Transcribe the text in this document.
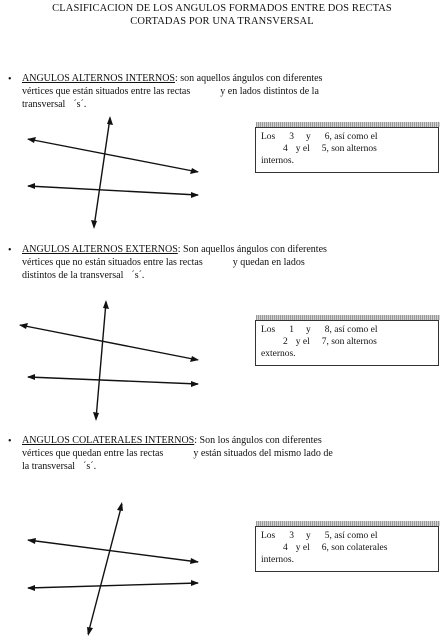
CLASIFICACION DE LOS ANGULOS FORMADOS ENTRE DOS RECTAS
CORTADAS POR UNA TRANSVERSAL
• ANGULOS ALTERNOS INTERNOS: son aquellos ángulos con diferentes
vértices que están situados entre las rectas	y en lados distintos de la
transversal ´s´.
Los 3 y 6, así como el
4 y el 5, son alternos
internos.
• ANGULOS ALTERNOS EXTERNOS: Son aquellos ángulos con diferentes
vértices que no están situados entre las rectas	y quedan en lados
distintos de la transversal ´s´.
Los 1 y 8, así como el
2 y el 7, son alternos
externos.
• ANGULOS COLATERALES INTERNOS: Son los ángulos con diferentes
vértices que quedan entre las rectas	y están situados del mismo lado de
la transversal ´s´.
Los 3 y 5, así como el
4 y el 6, son colaterales
internos.
